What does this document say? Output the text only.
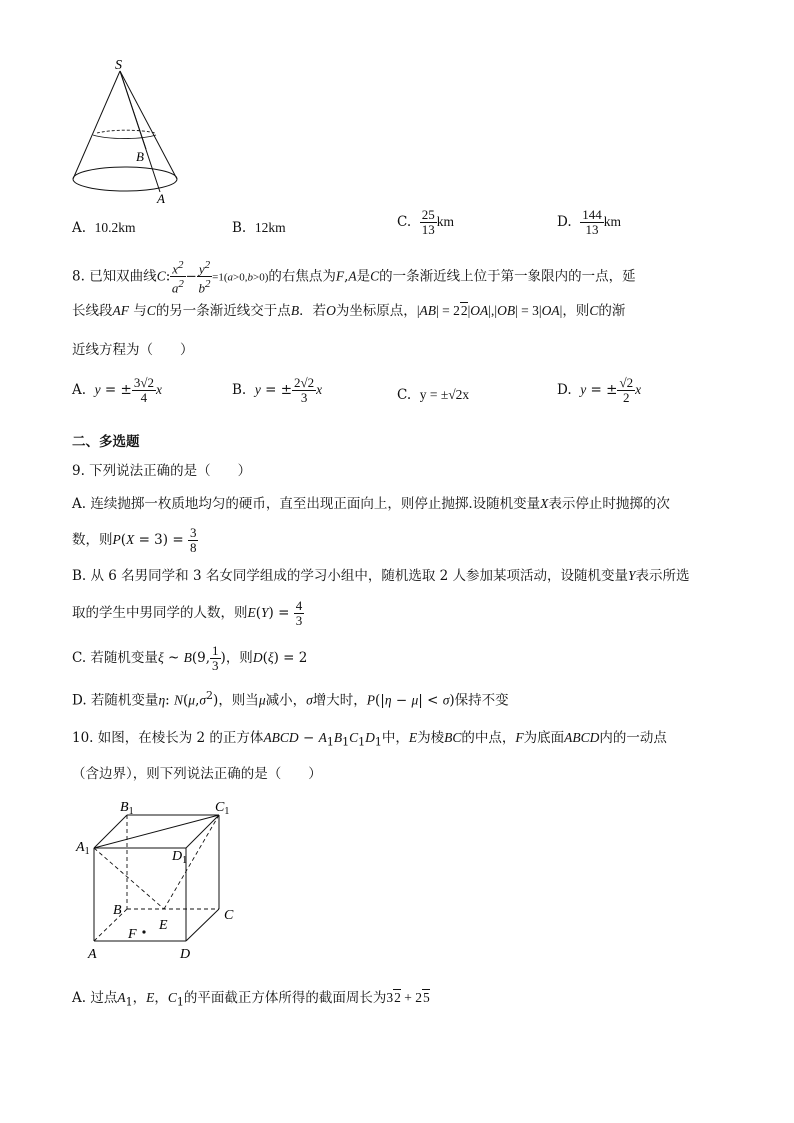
S
B
A
A. 10.2km	B. 12km	C. $\frac{25}{13}$ km	D. $\frac{144}{13}$ km
8. 已知双曲线C: $\frac{x^2}{a^2} - \frac{y^2}{b^2} =1(a>0,b>0)$的右焦点为F,A是C的一条渐近线上位于第一象限内的一点，延
长线段AF 与C的另一条渐近线交于点B．若O为坐标原点，|AB| = 22|OA|,|OB| = 3|OA|，则C的渐
近线方程为（　　）
A. y = ± $\frac{3√2}{4}$ x	B. y = ± $\frac{2√2}{3}$ x	C. y = ±√2x	D. y = ± $\frac{√2}{2}$ x
二、多选题
9. 下列说法正确的是（　　）
A. 连续抛掷一枚质地均匀的硬币，直至出现正面向上，则停止抛掷.设随机变量X表示停止时抛掷的次
数，则$P(X = 3) = \frac{3}{8}$
B. 从 6 名男同学和 3 名女同学组成的学习小组中，随机选取 2 人参加某项活动，设随机变量Y表示所选
取的学生中男同学的人数，则$E(Y) = \frac{4}{3}$
C. 若随机变量ξ ~ B(9, $\frac{1}{3}$ )，则D(ξ) = 2
D. 若随机变量η: $N(\mu,\sigma^2)$，则当μ减小，σ增大时，P(|η − μ| < σ)保持不变
10. 如图，在棱长为 2 的正方体ABCD − $A_1B_1C_1D_1$中，E为棱BC的中点，F为底面ABCD内的一动点
（含边界），则下列说法正确的是（　　）
$B_1$	$C_1$
$A_1$	$D_1$
B
E
C
F
A	D
A. 过点$A_1$，E，$C_1$的平面截正方体所得的截面周长为32 + 25
